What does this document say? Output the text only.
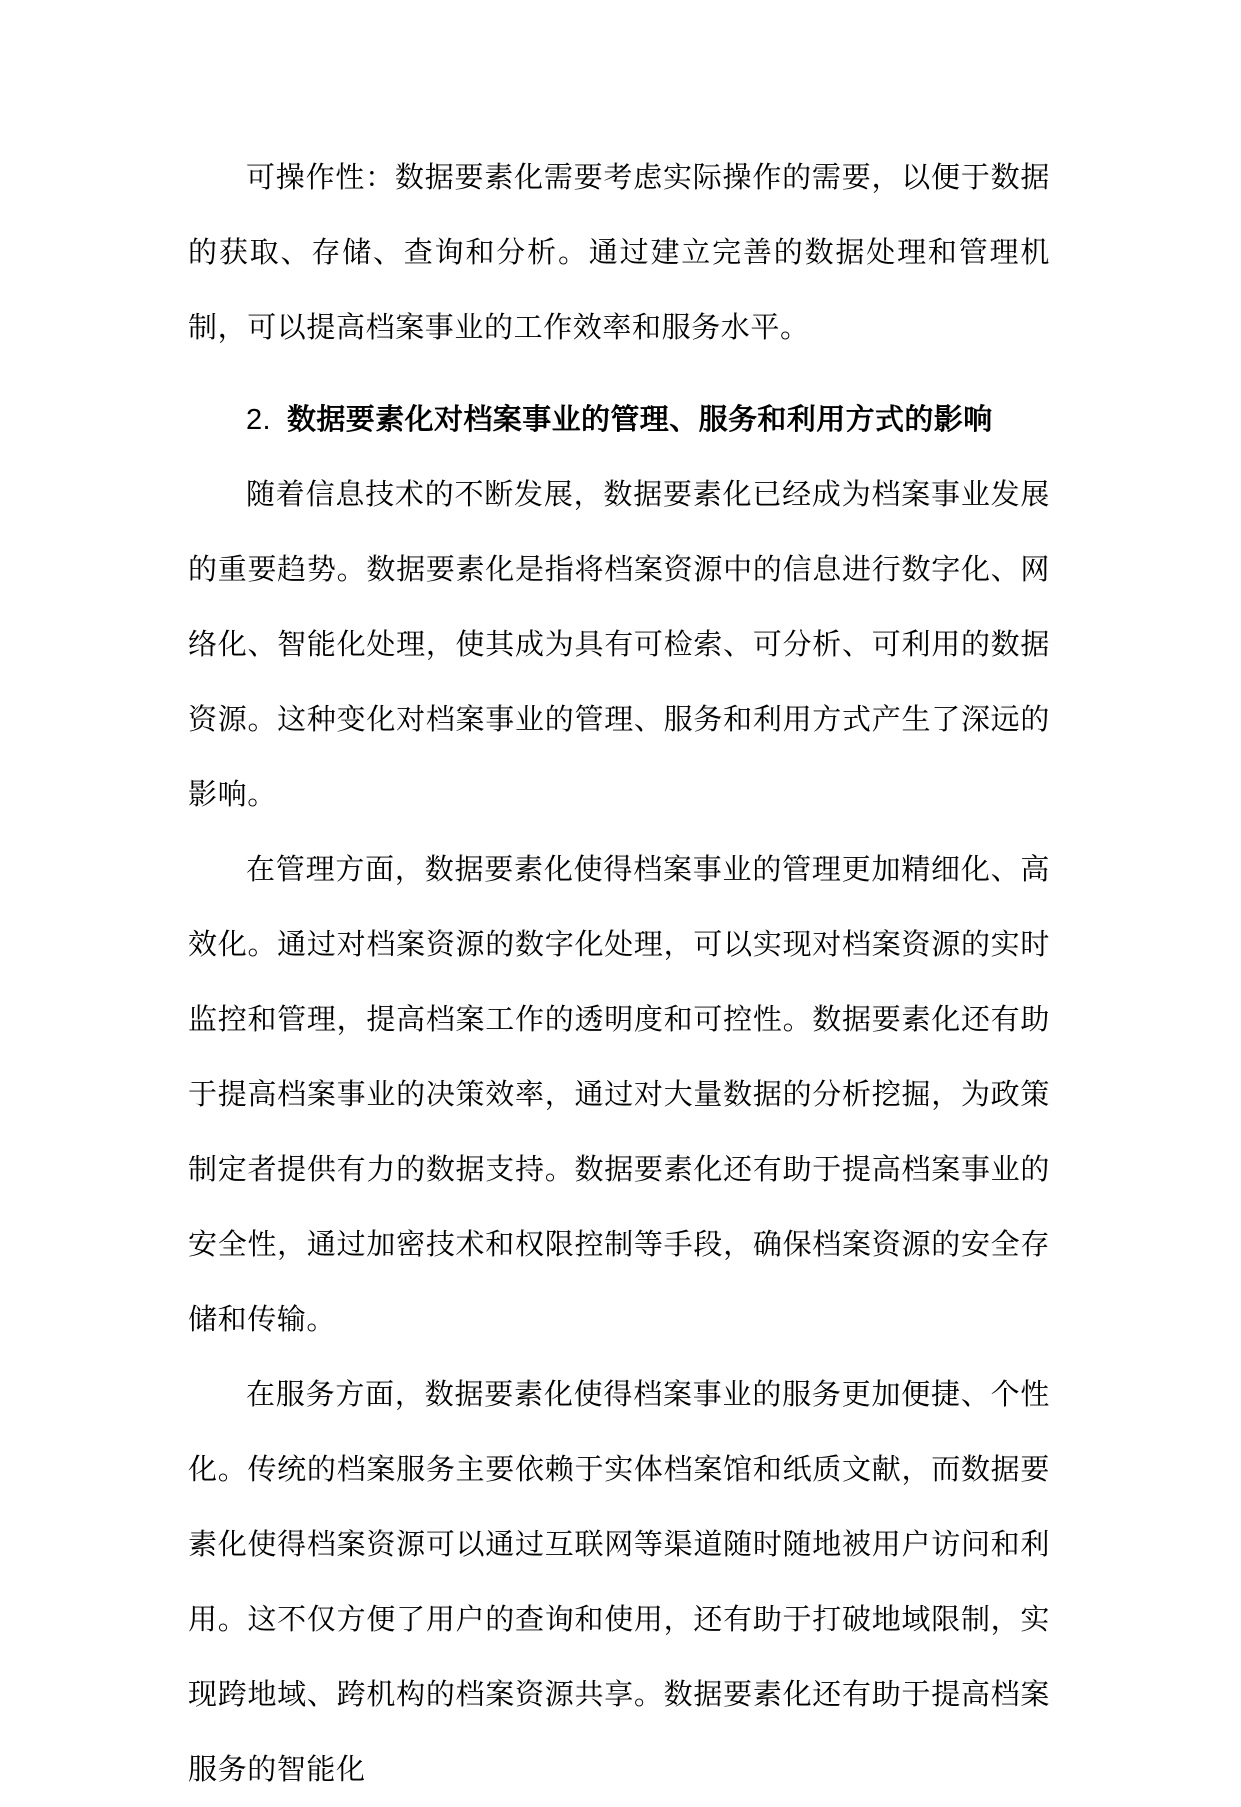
可操作性：数据要素化需要考虑实际操作的需要，以便于数据的获取、存储、查询和分析。通过建立完善的数据处理和管理机制，可以提高档案事业的工作效率和服务水平。

2. 数据要素化对档案事业的管理、服务和利用方式的影响

随着信息技术的不断发展，数据要素化已经成为档案事业发展的重要趋势。数据要素化是指将档案资源中的信息进行数字化、网络化、智能化处理，使其成为具有可检索、可分析、可利用的数据资源。这种变化对档案事业的管理、服务和利用方式产生了深远的影响。

在管理方面，数据要素化使得档案事业的管理更加精细化、高效化。通过对档案资源的数字化处理，可以实现对档案资源的实时监控和管理，提高档案工作的透明度和可控性。数据要素化还有助于提高档案事业的决策效率，通过对大量数据的分析挖掘，为政策制定者提供有力的数据支持。数据要素化还有助于提高档案事业的安全性，通过加密技术和权限控制等手段，确保档案资源的安全存储和传输。

在服务方面，数据要素化使得档案事业的服务更加便捷、个性化。传统的档案服务主要依赖于实体档案馆和纸质文献，而数据要素化使得档案资源可以通过互联网等渠道随时随地被用户访问和利用。这不仅方便了用户的查询和使用，还有助于打破地域限制，实现跨地域、跨机构的档案资源共享。数据要素化还有助于提高档案服务的智能化
